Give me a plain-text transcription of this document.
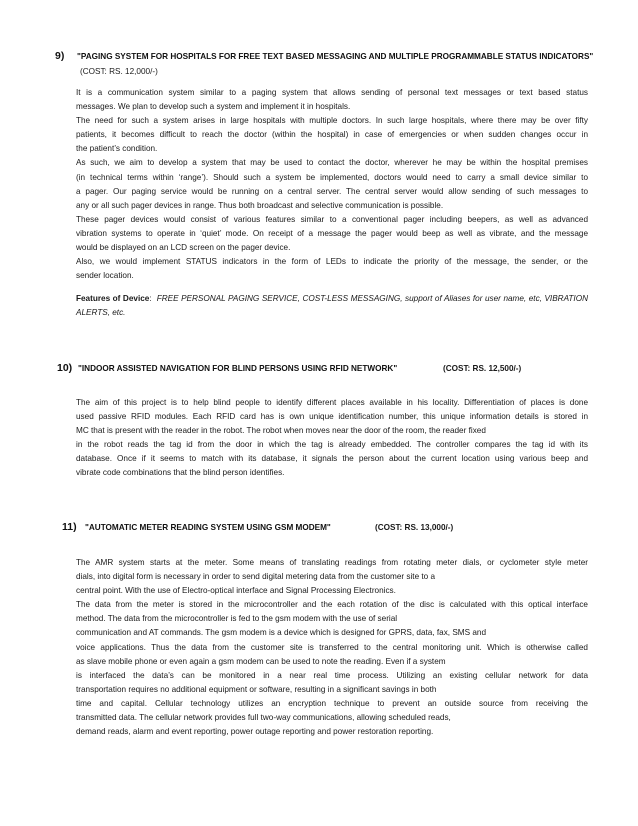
9) "PAGING SYSTEM FOR HOSPITALS FOR FREE TEXT BASED MESSAGING AND MULTIPLE PROGRAMMABLE STATUS INDICATORS"
(COST: RS. 12,000/-)
It is a communication system similar to a paging system that allows sending of personal text messages or text based status
messages. We plan to develop such a system and implement it in hospitals.
The need for such a system arises in large hospitals with multiple doctors. In such large hospitals, where there may be over fifty
patients, it becomes difficult to reach the doctor (within the hospital) in case of emergencies or when sudden changes occur in
the patient’s condition.
As such, we aim to develop a system that may be used to contact the doctor, wherever he may be within the hospital premises
(in technical terms within ‘range’). Should such a system be implemented, doctors would need to carry a small device similar to
a pager. Our paging service would be running on a central server. The central server would allow sending of such messages to
any or all such pager devices in range. Thus both broadcast and selective communication is possible.
These pager devices would consist of various features similar to a conventional pager including beepers, as well as advanced
vibration systems to operate in ‘quiet’ mode. On receipt of a message the pager would beep as well as vibrate, and the message
would be displayed on an LCD screen on the pager device.
Also, we would implement STATUS indicators in the form of LEDs to indicate the priority of the message, the sender, or the
sender location.
Features of Device: FREE PERSONAL PAGING SERVICE, COST-LESS MESSAGING, support of Aliases for user name, etc, VIBRATION
ALERTS, etc.
10) "INDOOR ASSISTED NAVIGATION FOR BLIND PERSONS USING RFID NETWORK"	(COST: RS. 12,500/-)
The aim of this project is to help blind people to identify different places available in his locality. Differentiation of places is done
used passive RFID modules. Each RFID card has is own unique identification number, this unique information details is stored in
MC that is present with the reader in the robot. The robot when moves near the door of the room, the reader fixed
in the robot reads the tag id from the door in which the tag is already embedded. The controller compares the tag id with its
database. Once if it seems to match with its database, it signals the person about the current location using various beep and
vibrate code combinations that the blind person identifies.
11) "AUTOMATIC METER READING SYSTEM USING GSM MODEM"	(COST: RS. 13,000/-)
The AMR system starts at the meter. Some means of translating readings from rotating meter dials, or cyclometer style meter
dials, into digital form is necessary in order to send digital metering data from the customer site to a
central point. With the use of Electro-optical interface and Signal Processing Electronics.
The data from the meter is stored in the microcontroller and the each rotation of the disc is calculated with this optical interface
method. The data from the microcontroller is fed to the gsm modem with the use of serial
communication and AT commands. The gsm modem is a device which is designed for GPRS, data, fax, SMS and
voice applications. Thus the data from the customer site is transferred to the central monitoring unit. Which is otherwise called
as slave mobile phone or even again a gsm modem can be used to note the reading. Even if a system
is interfaced the data’s can be monitored in a near real time process. Utilizing an existing cellular network for data
transportation requires no additional equipment or software, resulting in a significant savings in both
time and capital. Cellular technology utilizes an encryption technique to prevent an outside source from receiving the
transmitted data. The cellular network provides full two-way communications, allowing scheduled reads,
demand reads, alarm and event reporting, power outage reporting and power restoration reporting.
